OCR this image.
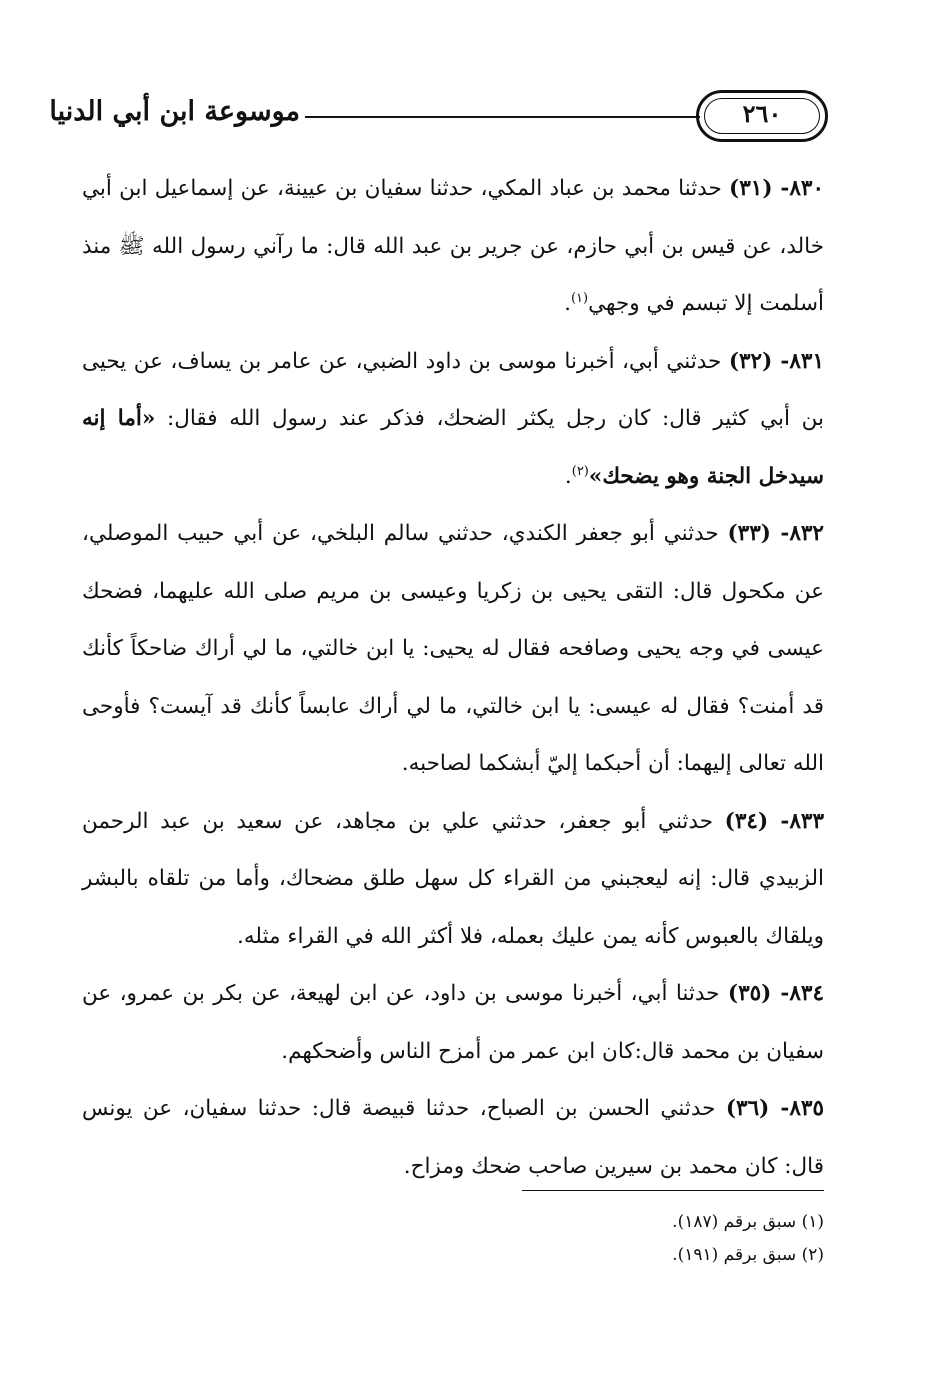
موسوعة ابن أبي الدنيا	٢٦٠

٨٣٠- (٣١) حدثنا محمد بن عباد المكي، حدثنا سفيان بن عيينة، عن إسماعيل ابن أبي خالد، عن قيس بن أبي حازم، عن جرير بن عبد الله قال: ما رآني رسول الله ﷺ منذ أسلمت إلا تبسم في وجهي$^{(١)}$.

٨٣١- (٣٢) حدثني أبي، أخبرنا موسى بن داود الضبي، عن عامر بن يساف، عن يحيى بن أبي كثير قال: كان رجل يكثر الضحك، فذكر عند رسول الله فقال: «أما إنه سيدخل الجنة وهو يضحك»$^{(٢)}$.

٨٣٢- (٣٣) حدثني أبو جعفر الكندي، حدثني سالم البلخي، عن أبي حبيب الموصلي، عن مكحول قال: التقى يحيى بن زكريا وعيسى بن مريم صلى الله عليهما، فضحك عيسى في وجه يحيى وصافحه فقال له يحيى: يا ابن خالتي، ما لي أراك ضاحكاً كأنك قد أمنت؟ فقال له عيسى: يا ابن خالتي، ما لي أراك عابساً كأنك قد آيست؟ فأوحى الله تعالى إليهما: أن أحبكما إليّ أبشكما لصاحبه.

٨٣٣- (٣٤) حدثني أبو جعفر، حدثني علي بن مجاهد، عن سعيد بن عبد الرحمن الزبيدي قال: إنه ليعجبني من القراء كل سهل طلق مضحاك، وأما من تلقاه بالبشر ويلقاك بالعبوس كأنه يمن عليك بعمله، فلا أكثر الله في القراء مثله.

٨٣٤- (٣٥) حدثنا أبي، أخبرنا موسى بن داود، عن ابن لهيعة، عن بكر بن عمرو، عن سفيان بن محمد قال:كان ابن عمر من أمزح الناس وأضحكهم.

٨٣٥- (٣٦) حدثني الحسن بن الصباح، حدثنا قبيصة قال: حدثنا سفيان، عن يونس قال: كان محمد بن سيرين صاحب ضحك ومزاح.

(١) سبق برقم (١٨٧).

(٢) سبق برقم (١٩١).
